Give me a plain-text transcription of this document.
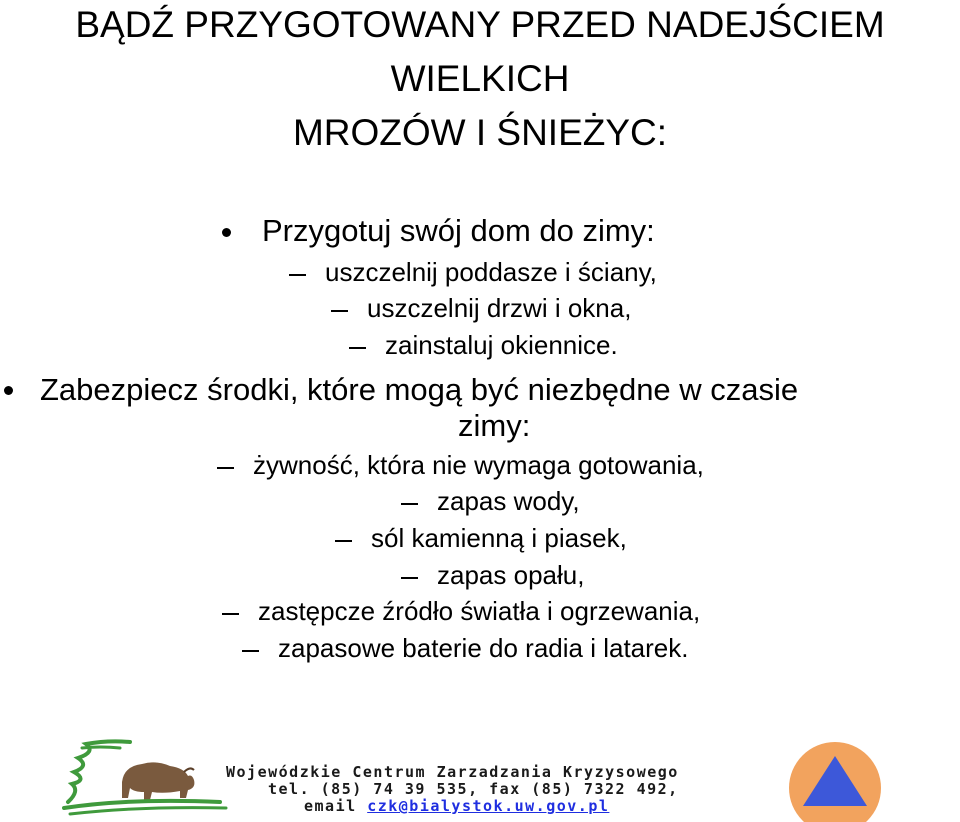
BĄDŹ PRZYGOTOWANY PRZED NADEJŚCIEM
WIELKICH
MROZÓW I ŚNIEŻYC:
Przygotuj swój dom do zimy:
uszczelnij poddasze i ściany,
uszczelnij drzwi i okna,
zainstaluj okiennice.
Zabezpiecz środki, które mogą być niezbędne w czasie
zimy:
żywność, która nie wymaga gotowania,
zapas wody,
sól kamienną i piasek,
zapas opału,
zastępcze źródło światła i ogrzewania,
zapasowe baterie do radia i latarek.
Wojewódzkie Centrum Zarzadzania Kryzysowego
tel. (85) 74 39 535, fax (85) 7322 492,
email czk@bialystok.uw.gov.pl
